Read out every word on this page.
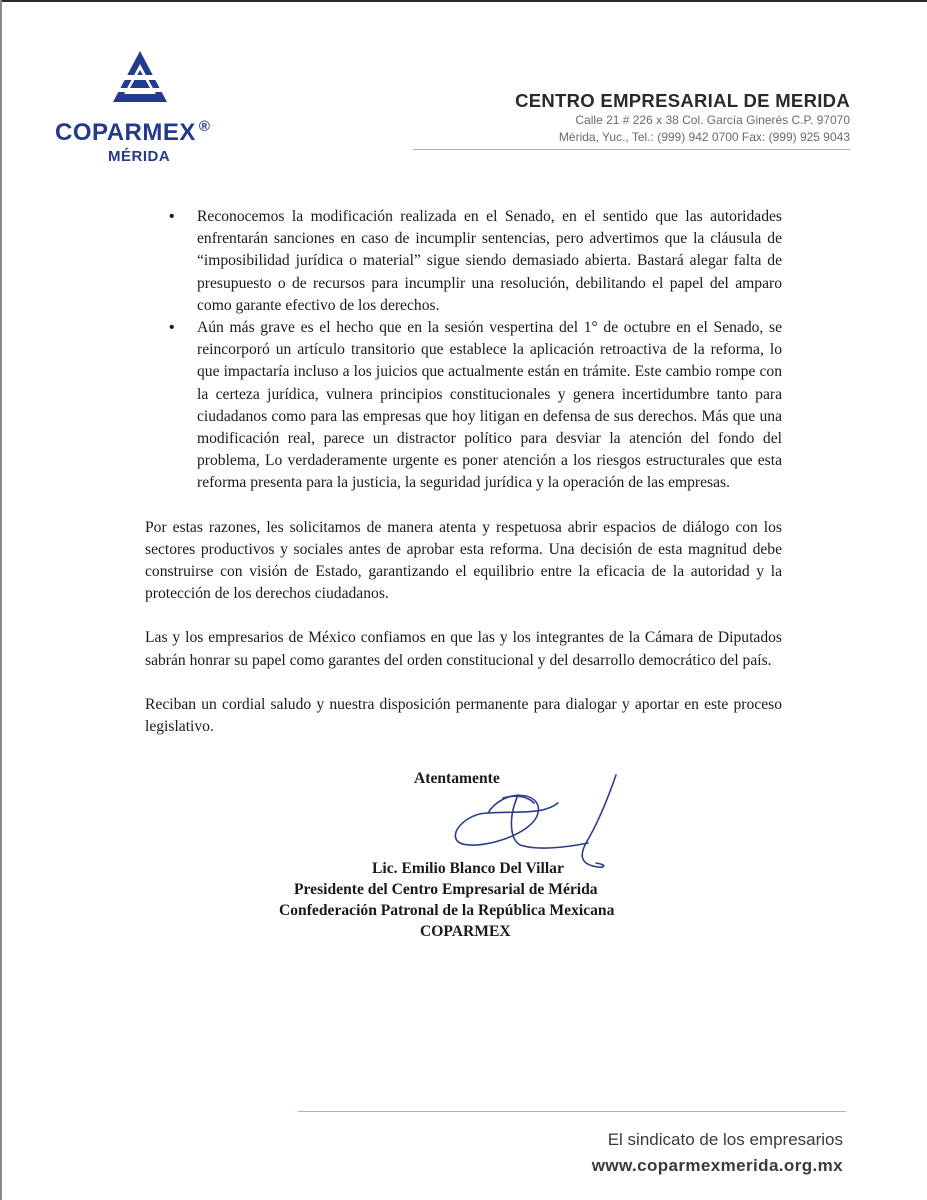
COPARMEX ®
MÉRIDA
CENTRO EMPRESARIAL DE MERIDA
Calle 21 # 226 x 38 Col. García Ginerés C.P. 97070
Mérida, Yuc., Tel.: (999) 942 0700 Fax: (999) 925 9043
• Reconocemos la modificación realizada en el Senado, en el sentido que las autoridades enfrentarán sanciones en caso de incumplir sentencias, pero advertimos que la cláusula de “imposibilidad jurídica o material” sigue siendo demasiado abierta. Bastará alegar falta de presupuesto o de recursos para incumplir una resolución, debilitando el papel del amparo como garante efectivo de los derechos.
• Aún más grave es el hecho que en la sesión vespertina del 1° de octubre en el Senado, se reincorporó un artículo transitorio que establece la aplicación retroactiva de la reforma, lo que impactaría incluso a los juicios que actualmente están en trámite. Este cambio rompe con la certeza jurídica, vulnera principios constitucionales y genera incertidumbre tanto para ciudadanos como para las empresas que hoy litigan en defensa de sus derechos. Más que una modificación real, parece un distractor político para desviar la atención del fondo del problema, Lo verdaderamente urgente es poner atención a los riesgos estructurales que esta reforma presenta para la justicia, la seguridad jurídica y la operación de las empresas.

Por estas razones, les solicitamos de manera atenta y respetuosa abrir espacios de diálogo con los sectores productivos y sociales antes de aprobar esta reforma. Una decisión de esta magnitud debe construirse con visión de Estado, garantizando el equilibrio entre la eficacia de la autoridad y la protección de los derechos ciudadanos.

Las y los empresarios de México confiamos en que las y los integrantes de la Cámara de Diputados sabrán honrar su papel como garantes del orden constitucional y del desarrollo democrático del país.

Reciban un cordial saludo y nuestra disposición permanente para dialogar y aportar en este proceso legislativo.

Atentamente
Lic. Emilio Blanco Del Villar
Presidente del Centro Empresarial de Mérida
Confederación Patronal de la República Mexicana
COPARMEX
El sindicato de los empresarios
www.coparmexmerida.org.mx
